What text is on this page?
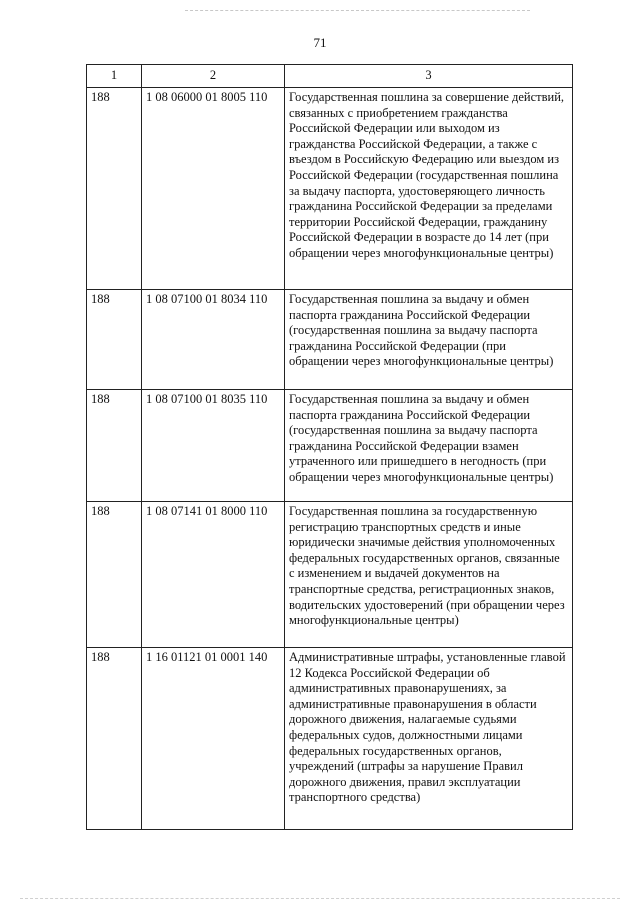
71
1	2	3
188	1 08 06000 01 8005 110	Государственная пошлина за совершение действий, связанных с приобретением гражданства Российской Федерации или выходом из гражданства Российской Федерации, а также с въездом в Российскую Федерацию или выездом из Российской Федерации (государственная пошлина за выдачу паспорта, удостоверяющего личность гражданина Российской Федерации за пределами территории Российской Федерации, гражданину Российской Федерации в возрасте до 14 лет (при обращении через многофункциональные центры)
188	1 08 07100 01 8034 110	Государственная пошлина за выдачу и обмен паспорта гражданина Российской Федерации (государственная пошлина за выдачу паспорта гражданина Российской Федерации (при обращении через многофункциональные центры)
188	1 08 07100 01 8035 110	Государственная пошлина за выдачу и обмен паспорта гражданина Российской Федерации (государственная пошлина за выдачу паспорта гражданина Российской Федерации взамен утраченного или пришедшего в негодность (при обращении через многофункциональные центры)
188	1 08 07141 01 8000 110	Государственная пошлина за государственную регистрацию транспортных средств и иные юридически значимые действия уполномоченных федеральных государственных органов, связанные с изменением и выдачей документов на транспортные средства, регистрационных знаков, водительских удостоверений (при обращении через многофункциональные центры)
188	1 16 01121 01 0001 140	Административные штрафы, установленные главой 12 Кодекса Российской Федерации об административных правонарушениях, за административные правонарушения в области дорожного движения, налагаемые судьями федеральных судов, должностными лицами федеральных государственных органов, учреждений (штрафы за нарушение Правил дорожного движения, правил эксплуатации транспортного средства)
